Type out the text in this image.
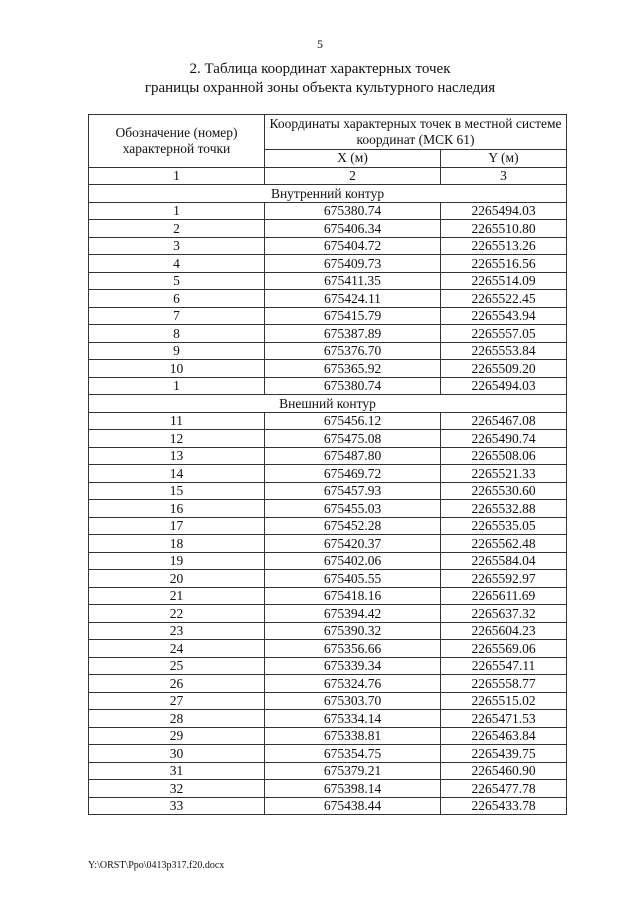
5
2. Таблица координат характерных точек
границы охранной зоны объекта культурного наследия
Обозначение (номер) характерной точки	Координаты характерных точек в местной системе координат (МСК 61)	
	X (м)	Y (м)
1	2	3
Внутренний контур		
1	675380.74	2265494.03
2	675406.34	2265510.80
3	675404.72	2265513.26
4	675409.73	2265516.56
5	675411.35	2265514.09
6	675424.11	2265522.45
7	675415.79	2265543.94
8	675387.89	2265557.05
9	675376.70	2265553.84
10	675365.92	2265509.20
1	675380.74	2265494.03
Внешний контур		
11	675456.12	2265467.08
12	675475.08	2265490.74
13	675487.80	2265508.06
14	675469.72	2265521.33
15	675457.93	2265530.60
16	675455.03	2265532.88
17	675452.28	2265535.05
18	675420.37	2265562.48
19	675402.06	2265584.04
20	675405.55	2265592.97
21	675418.16	2265611.69
22	675394.42	2265637.32
23	675390.32	2265604.23
24	675356.66	2265569.06
25	675339.34	2265547.11
26	675324.76	2265558.77
27	675303.70	2265515.02
28	675334.14	2265471.53
29	675338.81	2265463.84
30	675354.75	2265439.75
31	675379.21	2265460.90
32	675398.14	2265477.78
33	675438.44	2265433.78
Y:\ORST\Ppo\0413p317.f20.docx
